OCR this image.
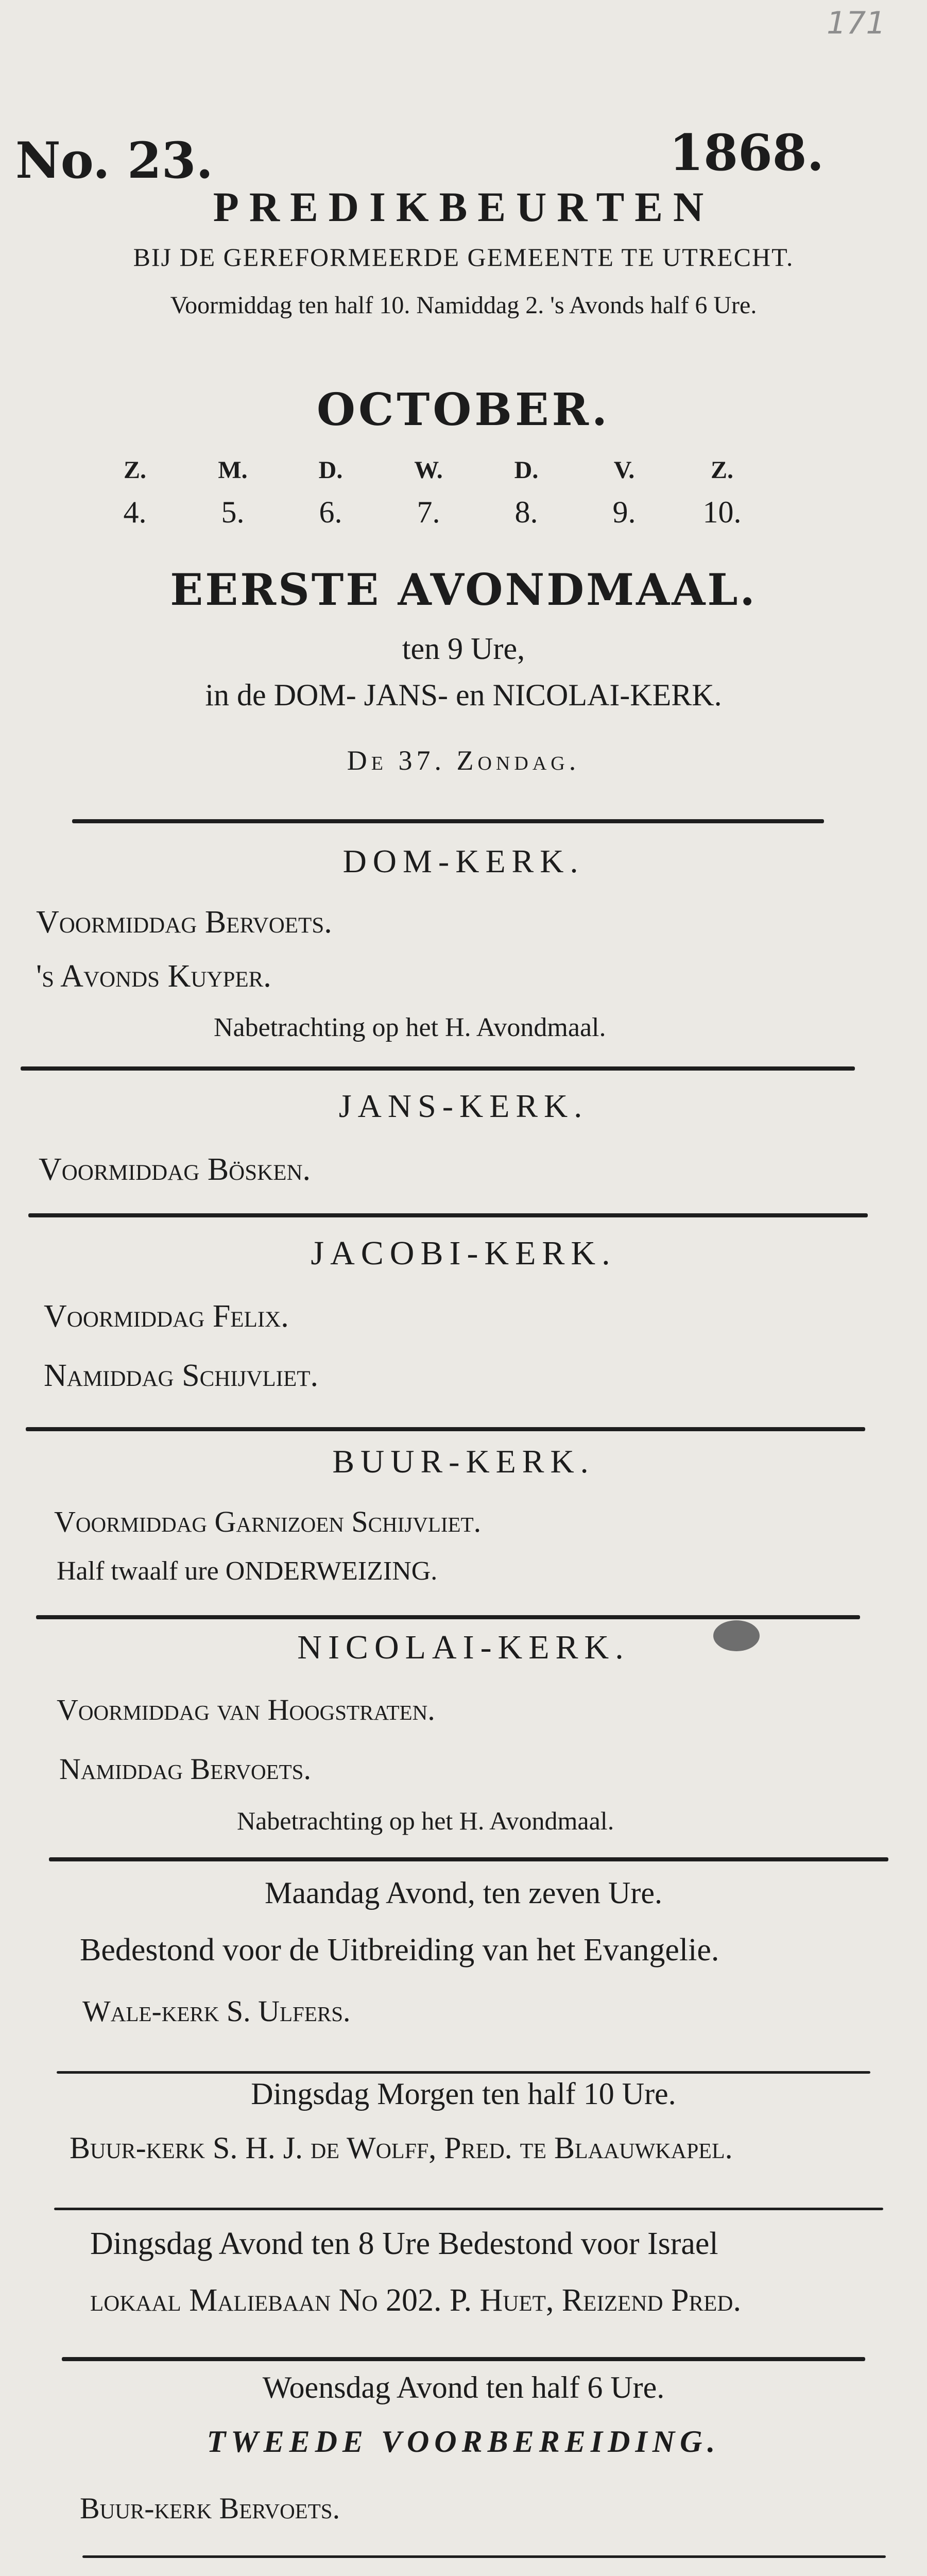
171
No. 23.	1868.
PREDIKBEURTEN
BIJ DE GEREFORMEERDE GEMEENTE TE UTRECHT.
Voormiddag ten half 10. Namiddag 2. 's Avonds half 6 Ure.
OCTOBER.
Z.	M.	D.	W.	D.	V.	Z.
4. 5. 6. 7. 8. 9. 10.
EERSTE AVONDMAAL.
ten 9 Ure,
in de DOM- JANS- en NICOLAI-KERK.
De 37. Zondag.
DOM-KERK.
Voormiddag Bervoets.
's Avonds Kuyper.
Nabetrachting op het H. Avondmaal.
JANS-KERK.
Voormiddag Bösken.
JACOBI-KERK.
Voormiddag Felix.
Namiddag Schijvliet.
BUUR-KERK.
Voormiddag Garnizoen Schijvliet.
Half twaalf ure ONDERWEIZING.
NICOLAI-KERK.
Voormiddag van Hoogstraten.
Namiddag Bervoets.
Nabetrachting op het H. Avondmaal.
Maandag Avond, ten zeven Ure.
Bedestond voor de Uitbreiding van het Evangelie.
Wale-kerk S. Ulfers.
Dingsdag Morgen ten half 10 Ure.
Buur-kerk S. H. J. de Wolff, Pred. te Blaauwkapel.
Dingsdag Avond ten 8 Ure Bedestond voor Israel
lokaal Maliebaan No 202. P. Huet, Reizend Pred.
Woensdag Avond ten half 6 Ure.
TWEEDE VOORBEREIDING.
Buur-kerk Bervoets.
